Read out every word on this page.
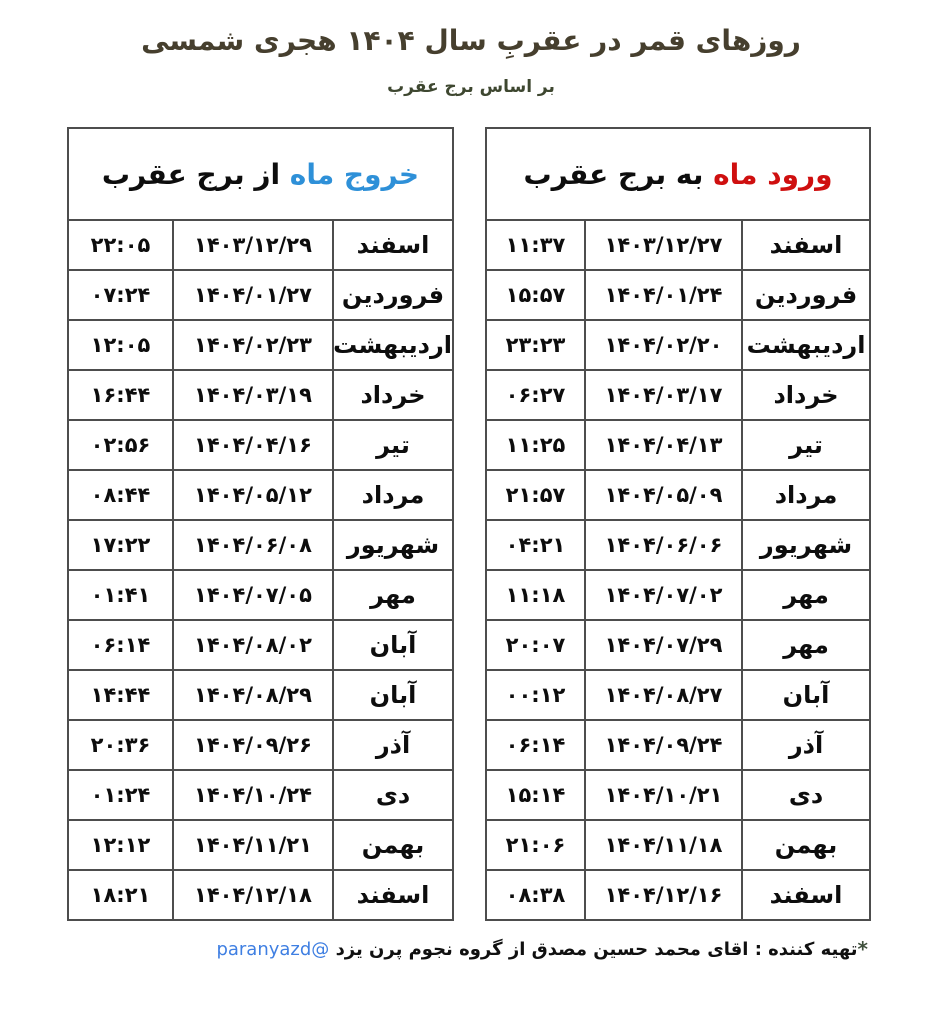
روزهای قمر در عقربِ سال ۱۴۰۴ هجری شمسی
بر اساس برج عقرب
خروج ماه از برج عقرب		
اسفند	۱۴۰۳/۱۲/۲۹	۲۲:۰۵
فروردین	۱۴۰۴/۰۱/۲۷	۰۷:۲۴
اردیبهشت	۱۴۰۴/۰۲/۲۳	۱۲:۰۵
خرداد	۱۴۰۴/۰۳/۱۹	۱۶:۴۴
تیر	۱۴۰۴/۰۴/۱۶	۰۲:۵۶
مرداد	۱۴۰۴/۰۵/۱۲	۰۸:۴۴
شهریور	۱۴۰۴/۰۶/۰۸	۱۷:۲۲
مهر	۱۴۰۴/۰۷/۰۵	۰۱:۴۱
آبان	۱۴۰۴/۰۸/۰۲	۰۶:۱۴
آبان	۱۴۰۴/۰۸/۲۹	۱۴:۴۴
آذر	۱۴۰۴/۰۹/۲۶	۲۰:۳۶
دی	۱۴۰۴/۱۰/۲۴	۰۱:۲۴
بهمن	۱۴۰۴/۱۱/۲۱	۱۲:۱۲
اسفند	۱۴۰۴/۱۲/۱۸	۱۸:۲۱
ورود ماه به برج عقرب		
اسفند	۱۴۰۳/۱۲/۲۷	۱۱:۳۷
فروردین	۱۴۰۴/۰۱/۲۴	۱۵:۵۷
اردیبهشت	۱۴۰۴/۰۲/۲۰	۲۳:۲۳
خرداد	۱۴۰۴/۰۳/۱۷	۰۶:۲۷
تیر	۱۴۰۴/۰۴/۱۳	۱۱:۲۵
مرداد	۱۴۰۴/۰۵/۰۹	۲۱:۵۷
شهریور	۱۴۰۴/۰۶/۰۶	۰۴:۲۱
مهر	۱۴۰۴/۰۷/۰۲	۱۱:۱۸
مهر	۱۴۰۴/۰۷/۲۹	۲۰:۰۷
آبان	۱۴۰۴/۰۸/۲۷	۰۰:۱۲
آذر	۱۴۰۴/۰۹/۲۴	۰۶:۱۴
دی	۱۴۰۴/۱۰/۲۱	۱۵:۱۴
بهمن	۱۴۰۴/۱۱/۱۸	۲۱:۰۶
اسفند	۱۴۰۴/۱۲/۱۶	۰۸:۳۸
*تهیه کننده : اقای محمد حسین مصدق از گروه نجوم پرن یزد @paranyazd
